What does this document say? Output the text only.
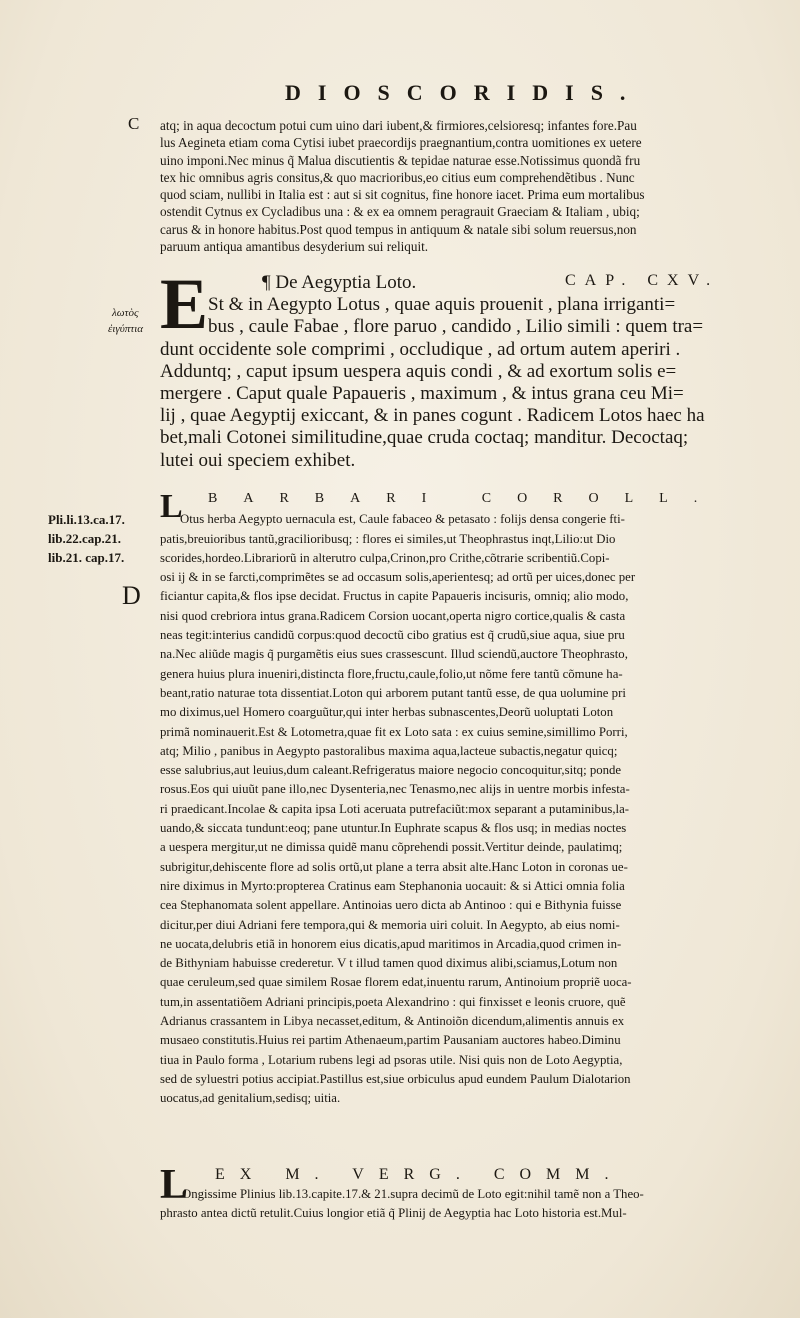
DIOSCORIDIS.
C
λωτὸς
ἐιγύπτια
Pli.li.13.ca.17.
lib.22.cap.21.
lib.21. cap.17.
D
atq; in aqua decoctum potui cum uino dari iubent,& firmiores,celsioresq; infantes fore.Pau
lus Aegineta etiam coma Cytisi iubet praecordijs praegnantium,contra uomitiones ex uetere
uino imponi.Nec minus q̃ Malua discutientis & tepidae naturae esse.Notissimus quondã fru
tex hic omnibus agris consitus,& quo macrioribus,eo citius eum comprehendẽtibus . Nunc
quod sciam, nullibi in Italia est : aut si sit cognitus, fine honore iacet. Prima eum mortalibus
ostendit Cytnus ex Cycladibus una : & ex ea omnem peragrauit Graeciam & Italiam , ubiq;
carus & in honore habitus.Post quod tempus in antiquum & natale sibi solum reuersus,non
paruum antiqua amantibus desyderium sui reliquit.
E	¶ De Aegyptia Loto.	CAP. CXV.
St & in Aegypto Lotus , quae aquis prouenit , plana irriganti=
bus , caule Fabae , flore paruo , candido , Lilio simili : quem tra=
dunt occidente sole comprimi , occludique , ad ortum autem aperiri .
Adduntq; , caput ipsum uespera aquis condi , & ad exortum solis e=
mergere . Caput quale Papaueris , maximum , & intus grana ceu Mi=
lij , quae Aegyptij exiccant, & in panes cogunt . Radicem Lotos haec ha
bet,mali Cotonei similitudine,quae cruda coctaq; manditur. Decoctaq;
lutei oui speciem exhibet.
L BARBARI COROLL.
Otus herba Aegypto uernacula est, Caule fabaceo & petasato : folijs densa congerie fti-
patis,breuioribus tantũ,gracilioribusq; : flores ei similes,ut Theophrastus inqt,Lilio:ut Dio
scorides,hordeo.Librariorũ in alterutro culpa,Crinon,pro Crithe,cõtrarie scribentiũ.Copi-
osi ij & in se farcti,comprimẽtes se ad occasum solis,aperientesq; ad ortũ per uices,donec per
ficiantur capita,& flos ipse decidat. Fructus in capite Papaueris incisuris, omniq; alio modo,
nisi quod crebriora intus grana.Radicem Corsion uocant,operta nigro cortice,qualis & casta
neas tegit:interius candidũ corpus:quod decoctũ cibo gratius est q̃ crudũ,siue aqua, siue pru
na.Nec aliũde magis q̃ purgamẽtis eius sues crassescunt. Illud sciendũ,auctore Theophrasto,
genera huius plura inueniri,distincta flore,fructu,caule,folio,ut nõme fere tantũ cõmune ha-
beant,ratio naturae tota dissentiat.Loton qui arborem putant tantũ esse, de qua uolumine pri
mo diximus,uel Homero coarguũtur,qui inter herbas subnascentes,Deorũ uoluptati Loton
primã nominauerit.Est & Lotometra,quae fit ex Loto sata : ex cuius semine,simillimo Porri,
atq; Milio , panibus in Aegypto pastoralibus maxima aqua,lacteue subactis,negatur quicq;
esse salubrius,aut leuius,dum caleant.Refrigeratus maiore negocio concoquitur,sitq; ponde
rosus.Eos qui uiuũt pane illo,nec Dysenteria,nec Tenasmo,nec alijs in uentre morbis infesta-
ri praedicant.Incolae & capita ipsa Loti aceruata putrefaciũt:mox separant a putaminibus,la-
uando,& siccata tundunt:eoq; pane utuntur.In Euphrate scapus & flos usq; in medias noctes
a uespera mergitur,ut ne dimissa quidẽ manu cõprehendi possit.Vertitur deinde, paulatimq;
subrigitur,dehiscente flore ad solis ortũ,ut plane a terra absit alte.Hanc Loton in coronas ue-
nire diximus in Myrto:propterea Cratinus eam Stephanonia uocauit: & si Attici omnia folia
cea Stephanomata solent appellare. Antinoias uero dicta ab Antinoo : qui e Bithynia fuisse
dicitur,per diui Adriani fere tempora,qui & memoria uiri coluit. In Aegypto, ab eius nomi-
ne uocata,delubris etiã in honorem eius dicatis,apud maritimos in Arcadia,quod crimen in-
de Bithyniam habuisse crederetur. V t illud tamen quod diximus alibi,sciamus,Lotum non
quae ceruleum,sed quae similem Rosae florem edat,inuentu rarum, Antinoium propriẽ uoca-
tum,in assentatiõem Adriani principis,poeta Alexandrino : qui finxisset e leonis cruore, quẽ
Adrianus crassantem in Libya necasset,editum, & Antinoiõn dicendum,alimentis annuis ex
musaeo constitutis.Huius rei partim Athenaeum,partim Pausaniam auctores habeo.Diminu
tiua in Paulo forma , Lotarium rubens legi ad psoras utile. Nisi quis non de Loto Aegyptia,
sed de syluestri potius accipiat.Pastillus est,siue orbiculus apud eundem Paulum Dialotarion
uocatus,ad genitalium,sedisq; uitia.
L EX M. VERG. COMM.
Ongissime Plinius lib.13.capite.17.& 21.supra decimũ de Loto egit:nihil tamẽ non a Theo-
phrasto antea dictũ retulit.Cuius longior etiã q̃ Plinij de Aegyptia hac Loto historia est.Mul-
